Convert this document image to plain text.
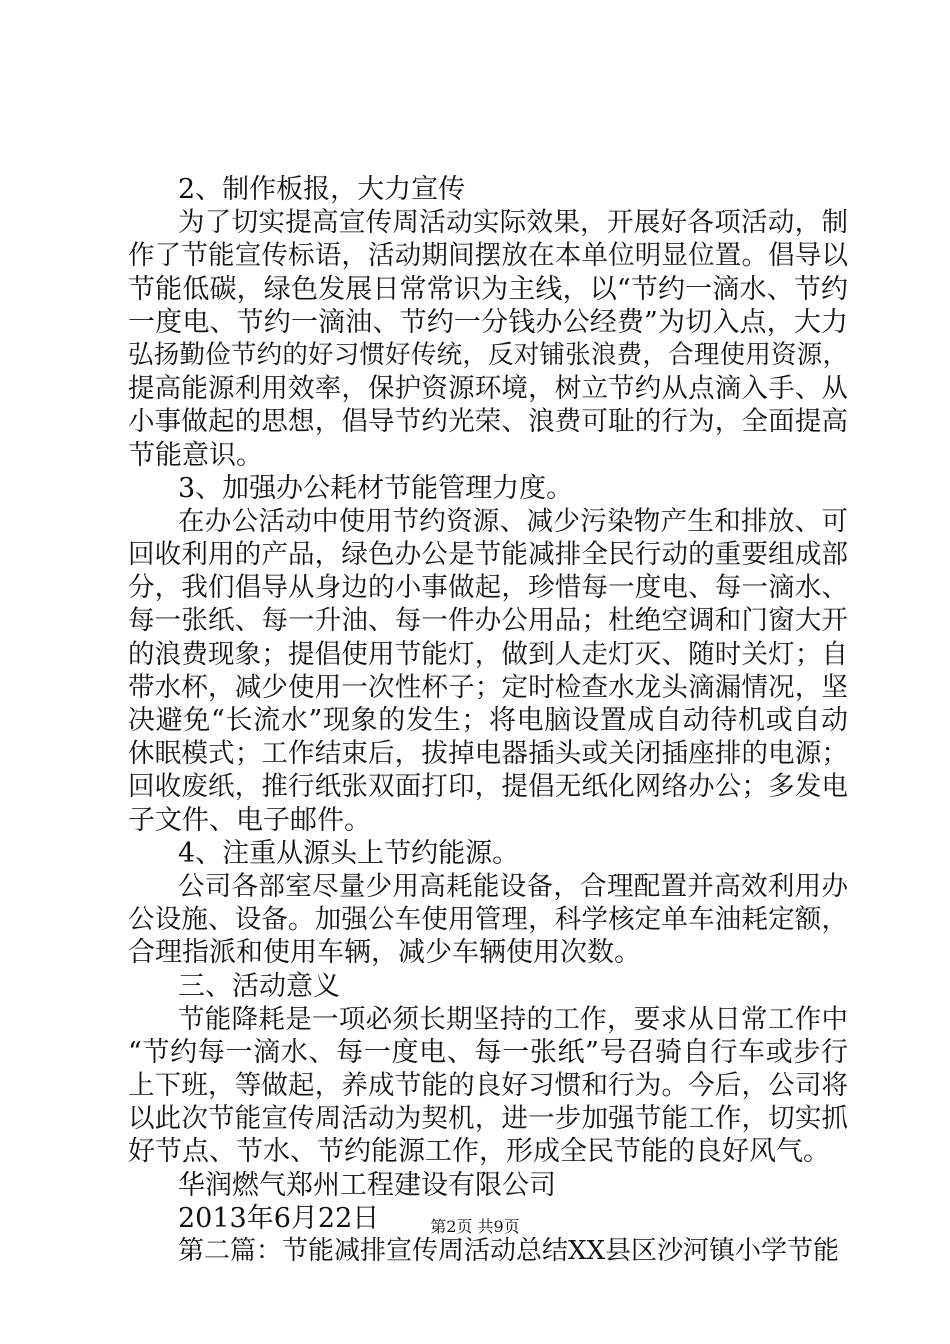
2、制作板报，大力宣传
为了切实提高宣传周活动实际效果，开展好各项活动，制
作了节能宣传标语，活动期间摆放在本单位明显位置。倡导以
节能低碳，绿色发展日常常识为主线，以“节约一滴水、节约
一度电、节约一滴油、节约一分钱办公经费”为切入点，大力
弘扬勤俭节约的好习惯好传统，反对铺张浪费，合理使用资源，
提高能源利用效率，保护资源环境，树立节约从点滴入手、从
小事做起的思想，倡导节约光荣、浪费可耻的行为，全面提高
节能意识。
3、加强办公耗材节能管理力度。
在办公活动中使用节约资源、减少污染物产生和排放、可
回收利用的产品，绿色办公是节能减排全民行动的重要组成部
分，我们倡导从身边的小事做起，珍惜每一度电、每一滴水、
每一张纸、每一升油、每一件办公用品；杜绝空调和门窗大开
的浪费现象；提倡使用节能灯，做到人走灯灭、随时关灯；自
带水杯，减少使用一次性杯子；定时检查水龙头滴漏情况，坚
决避免“长流水”现象的发生；将电脑设置成自动待机或自动
休眠模式；工作结束后，拔掉电器插头或关闭插座排的电源；
回收废纸，推行纸张双面打印，提倡无纸化网络办公；多发电
子文件、电子邮件。
4、注重从源头上节约能源。
公司各部室尽量少用高耗能设备，合理配置并高效利用办
公设施、设备。加强公车使用管理，科学核定单车油耗定额，
合理指派和使用车辆，减少车辆使用次数。
三、活动意义
节能降耗是一项必须长期坚持的工作，要求从日常工作中
“节约每一滴水、每一度电、每一张纸”号召骑自行车或步行
上下班，等做起，养成节能的良好习惯和行为。今后，公司将
以此次节能宣传周活动为契机，进一步加强节能工作，切实抓
好节点、节水、节约能源工作，形成全民节能的良好风气。
华润燃气郑州工程建设有限公司
2013年6月22日
第二篇：节能减排宣传周活动总结XX县区沙河镇小学节能
第2页 共9页
